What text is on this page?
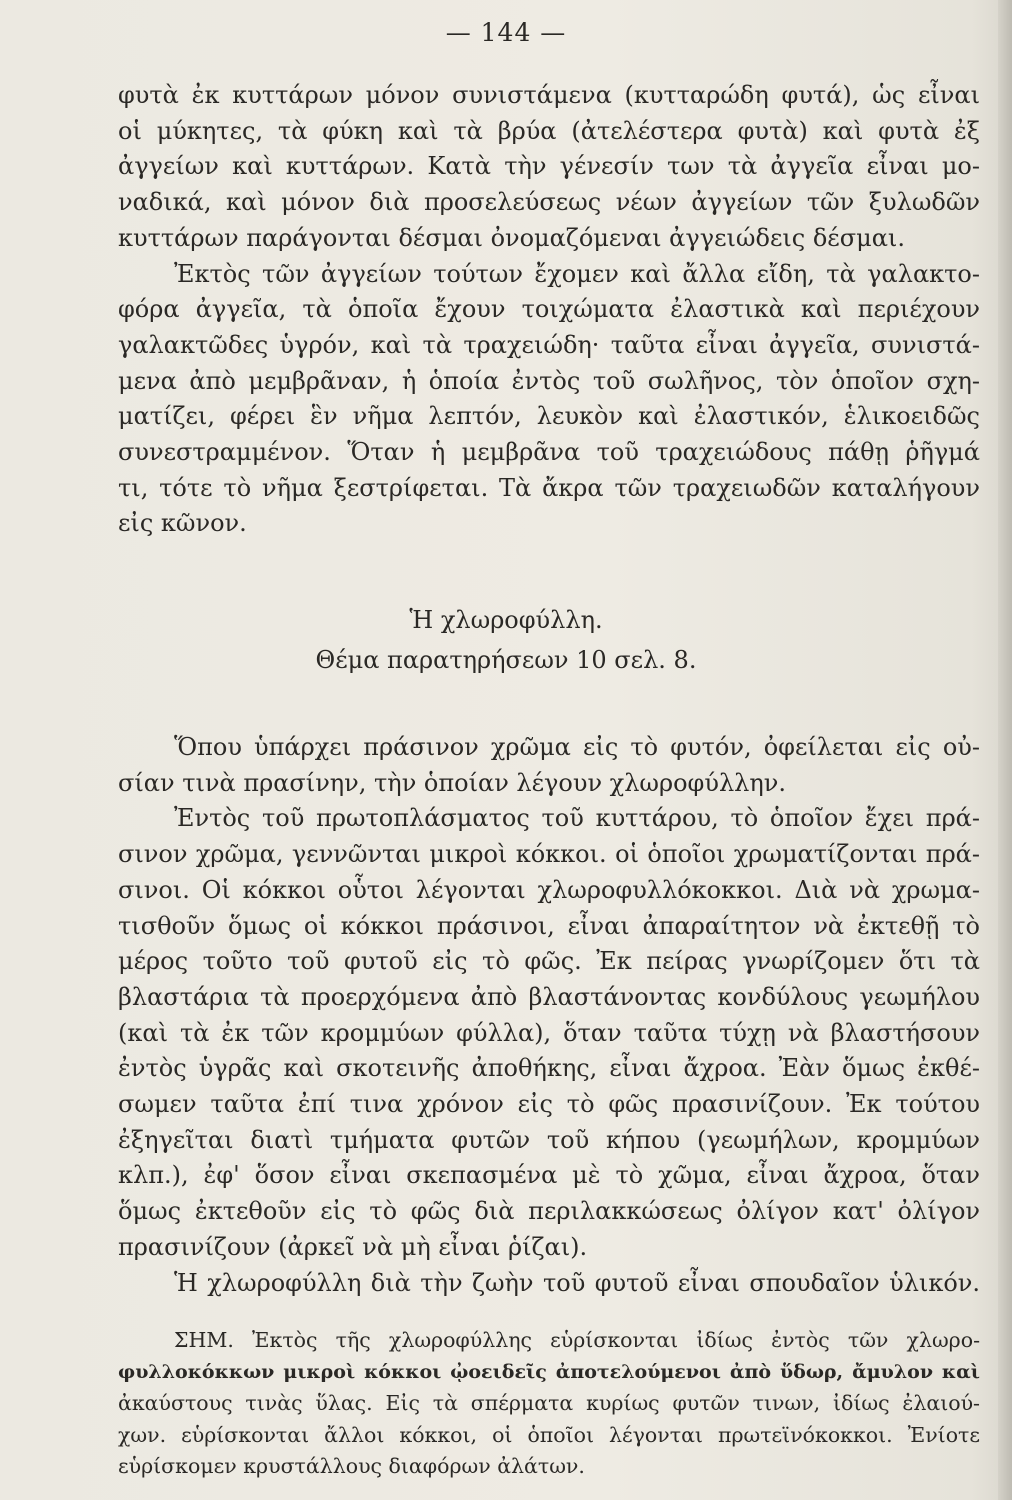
— 144 —
φυτὰ ἐκ κυττάρων μόνον συνιστάμενα (κυτταρώδη φυτά), ὡς εἶναι
οἱ μύκητες, τὰ φύκη καὶ τὰ βρύα (ἀτελέστερα φυτὰ) καὶ φυτὰ ἐξ
ἀγγείων καὶ κυττάρων. Κατὰ τὴν γένεσίν των τὰ ἀγγεῖα εἶναι μο-
ναδικά, καὶ μόνον διὰ προσελεύσεως νέων ἀγγείων τῶν ξυλωδῶν
κυττάρων παράγονται δέσμαι ὀνομαζόμεναι ἀγγειώδεις δέσμαι.
Ἐκτὸς τῶν ἀγγείων τούτων ἔχομεν καὶ ἄλλα εἴδη, τὰ γαλακτο-
φόρα ἀγγεῖα, τὰ ὁποῖα ἔχουν τοιχώματα ἐλαστικὰ καὶ περιέχουν
γαλακτῶδες ὑγρόν, καὶ τὰ τραχειώδη· ταῦτα εἶναι ἀγγεῖα, συνιστά-
μενα ἀπὸ μεμβρᾶναν, ἡ ὁποία ἐντὸς τοῦ σωλῆνος, τὸν ὁποῖον σχη-
ματίζει, φέρει ἓν νῆμα λεπτόν, λευκὸν καὶ ἐλαστικόν, ἑλικοειδῶς
συνεστραμμένον. Ὅταν ἡ μεμβρᾶνα τοῦ τραχειώδους πάθῃ ῥῆγμά
τι, τότε τὸ νῆμα ξεστρίφεται. Τὰ ἄκρα τῶν τραχειωδῶν καταλήγουν
εἰς κῶνον.
Ἡ χλωροφύλλη.
Θέμα παρατηρήσεων 10 σελ. 8.
Ὅπου ὑπάρχει πράσινον χρῶμα εἰς τὸ φυτόν, ὀφείλεται εἰς οὐ-
σίαν τινὰ πρασίνην, τὴν ὁποίαν λέγουν χλωροφύλλην.
Ἐντὸς τοῦ πρωτοπλάσματος τοῦ κυττάρου, τὸ ὁποῖον ἔχει πρά-
σινον χρῶμα, γεννῶνται μικροὶ κόκκοι. οἱ ὁποῖοι χρωματίζονται πρά-
σινοι. Οἱ κόκκοι οὗτοι λέγονται χλωροφυλλόκοκκοι. Διὰ νὰ χρωμα-
τισθοῦν ὅμως οἱ κόκκοι πράσινοι, εἶναι ἀπαραίτητον νὰ ἐκτεθῇ τὸ
μέρος τοῦτο τοῦ φυτοῦ εἰς τὸ φῶς. Ἐκ πείρας γνωρίζομεν ὅτι τὰ
βλαστάρια τὰ προερχόμενα ἀπὸ βλαστάνοντας κονδύλους γεωμήλου
(καὶ τὰ ἐκ τῶν κρομμύων φύλλα), ὅταν ταῦτα τύχῃ νὰ βλαστήσουν
ἐντὸς ὑγρᾶς καὶ σκοτεινῆς ἀποθήκης, εἶναι ἄχροα. Ἐὰν ὅμως ἐκθέ-
σωμεν ταῦτα ἐπί τινα χρόνον εἰς τὸ φῶς πρασινίζουν. Ἐκ τούτου
ἐξηγεῖται διατὶ τμήματα φυτῶν τοῦ κήπου (γεωμήλων, κρομμύων
κλπ.), ἐφ' ὅσον εἶναι σκεπασμένα μὲ τὸ χῶμα, εἶναι ἄχροα, ὅταν
ὅμως ἐκτεθοῦν εἰς τὸ φῶς διὰ περιλακκώσεως ὀλίγον κατ' ὀλίγον
πρασινίζουν (ἀρκεῖ νὰ μὴ εἶναι ῥίζαι).
Ἡ χλωροφύλλη διὰ τὴν ζωὴν τοῦ φυτοῦ εἶναι σπουδαῖον ὑλικόν.
ΣΗΜ. Ἐκτὸς τῆς χλωροφύλλης εὑρίσκονται ἰδίως ἐντὸς τῶν χλωρο-
φυλλοκόκκων μικροὶ κόκκοι ᾠοειδεῖς ἀποτελούμενοι ἀπὸ ὕδωρ, ἄμυλον καὶ
ἀκαύστους τινὰς ὕλας. Εἰς τὰ σπέρματα κυρίως φυτῶν τινων, ἰδίως ἐλαιού-
χων. εὑρίσκονται ἄλλοι κόκκοι, οἱ ὁποῖοι λέγονται πρωτεϊνόκοκκοι. Ἐνίοτε
εὑρίσκομεν κρυστάλλους διαφόρων ἀλάτων.
